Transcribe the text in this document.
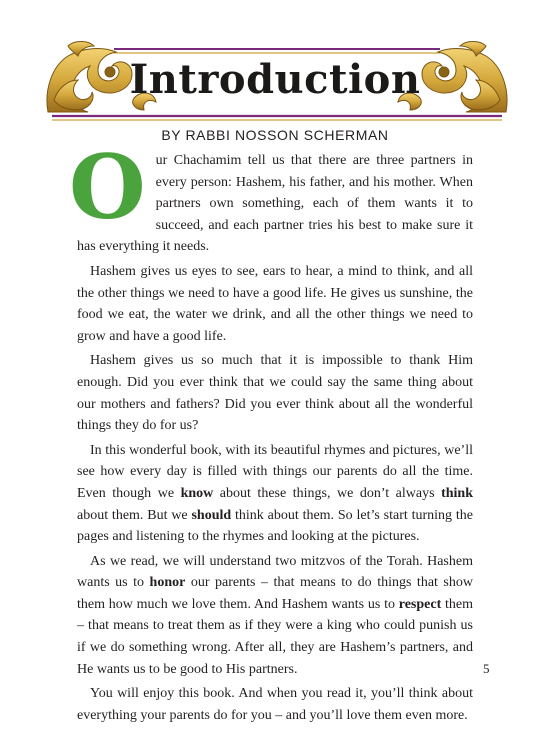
Introduction
BY RABBI NOSSON SCHERMAN

Our Chachamim tell us that there are three partners in every person: Hashem, his father, and his mother. When partners own something, each of them wants it to succeed, and each partner tries his best to make sure it has everything it needs.

Hashem gives us eyes to see, ears to hear, a mind to think, and all the other things we need to have a good life. He gives us sunshine, the food we eat, the water we drink, and all the other things we need to grow and have a good life.

Hashem gives us so much that it is impossible to thank Him enough. Did you ever think that we could say the same thing about our mothers and fathers? Did you ever think about all the wonderful things they do for us?

In this wonderful book, with its beautiful rhymes and pictures, we’ll see how every day is filled with things our parents do all the time. Even though we know about these things, we don’t always think about them. But we should think about them. So let’s start turning the pages and listening to the rhymes and looking at the pictures.

As we read, we will understand two mitzvos of the Torah. Hashem wants us to honor our parents – that means to do things that show them how much we love them. And Hashem wants us to respect them – that means to treat them as if they were a king who could punish us if we do something wrong. After all, they are Hashem’s partners, and He wants us to be good to His partners.

You will enjoy this book. And when you read it, you’ll think about everything your parents do for you – and you’ll love them even more.

5
